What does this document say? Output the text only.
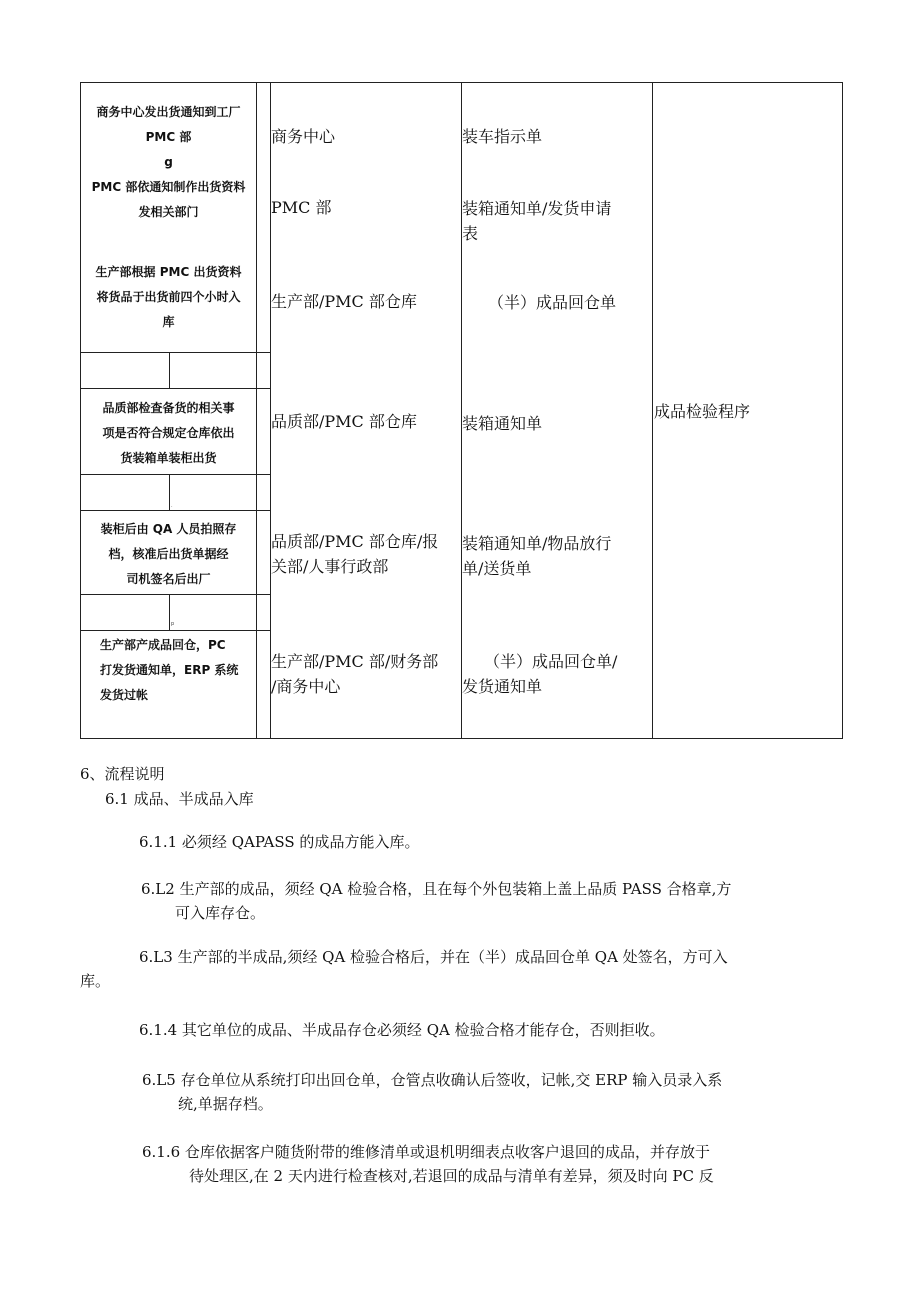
.
p
商务中心发出货通知到工厂
PMC 部
g
PMC 部依通知制作出货资料
发相关部门
生产部根据 PMC 出货资料
将货品于出货前四个小时入
库
品质部检查备货的相关事
项是否符合规定仓库依出
货装箱单装柜出货
装柜后由 QA 人员拍照存
档，核准后出货单据经
司机签名后出厂
生产部产成品回仓，PC
打发货通知单，ERP 系统
发货过帐
商务中心
PMC 部
生产部/PMC 部仓库
品质部/PMC 部仓库
品质部/PMC 部仓库/报
关部/人事行政部
生产部/PMC 部/财务部
/商务中心
装车指示单
装箱通知单/发货申请
表
（半）成品回仓单
装箱通知单
装箱通知单/物品放行
单/送货单
（半）成品回仓单/
发货通知单
成品检验程序
6、流程说明
6.1 成品、半成品入库
6.1.1 必须经 QAPASS 的成品方能入库。
6.L2 生产部的成品，须经 QA 检验合格，且在每个外包装箱上盖上品质 PASS 合格章,方
可入库存仓。
6.L3 生产部的半成品,须经 QA 检验合格后，并在（半）成品回仓单 QA 处签名，方可入
库。
6.1.4 其它单位的成品、半成品存仓必须经 QA 检验合格才能存仓，否则拒收。
6.L5 存仓单位从系统打印出回仓单，仓管点收确认后签收，记帐,交 ERP 输入员录入系
统,单据存档。
6.1.6 仓库依据客户随货附带的维修清单或退机明细表点收客户退回的成品，并存放于
待处理区,在 2 天内进行检查核对,若退回的成品与清单有差异，须及时向 PC 反
